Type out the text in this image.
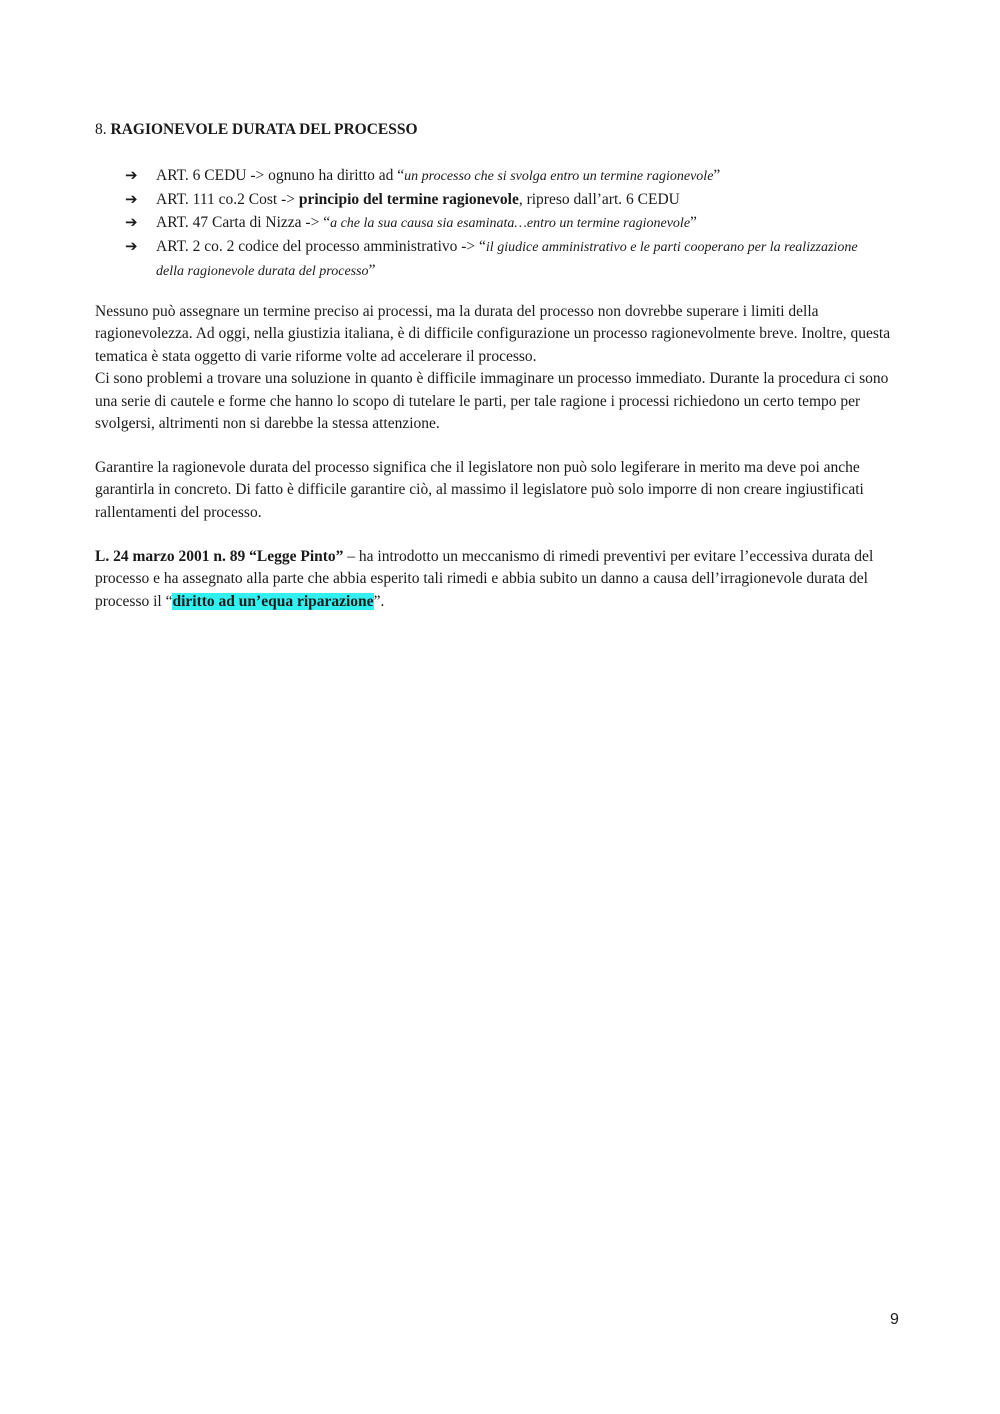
8. RAGIONEVOLE DURATA DEL PROCESSO
➔ ART. 6 CEDU -> ognuno ha diritto ad “un processo che si svolga entro un termine ragionevole”
➔ ART. 111 co.2 Cost -> principio del termine ragionevole, ripreso dall’art. 6 CEDU
➔ ART. 47 Carta di Nizza -> “a che la sua causa sia esaminata…entro un termine ragionevole”
➔ ART. 2 co. 2 codice del processo amministrativo -> “il giudice amministrativo e le parti cooperano per la realizzazione della ragionevole durata del processo”
Nessuno può assegnare un termine preciso ai processi, ma la durata del processo non dovrebbe superare i limiti della ragionevolezza. Ad oggi, nella giustizia italiana, è di difficile configurazione un processo ragionevolmente breve. Inoltre, questa tematica è stata oggetto di varie riforme volte ad accelerare il processo.
Ci sono problemi a trovare una soluzione in quanto è difficile immaginare un processo immediato. Durante la procedura ci sono una serie di cautele e forme che hanno lo scopo di tutelare le parti, per tale ragione i processi richiedono un certo tempo per svolgersi, altrimenti non si darebbe la stessa attenzione.

Garantire la ragionevole durata del processo significa che il legislatore non può solo legiferare in merito ma deve poi anche garantirla in concreto. Di fatto è difficile garantire ciò, al massimo il legislatore può solo imporre di non creare ingiustificati rallentamenti del processo.

L. 24 marzo 2001 n. 89 “Legge Pinto” – ha introdotto un meccanismo di rimedi preventivi per evitare l’eccessiva durata del processo e ha assegnato alla parte che abbia esperito tali rimedi e abbia subito un danno a causa dell’irragionevole durata del processo il “diritto ad un’equa riparazione”.

9
